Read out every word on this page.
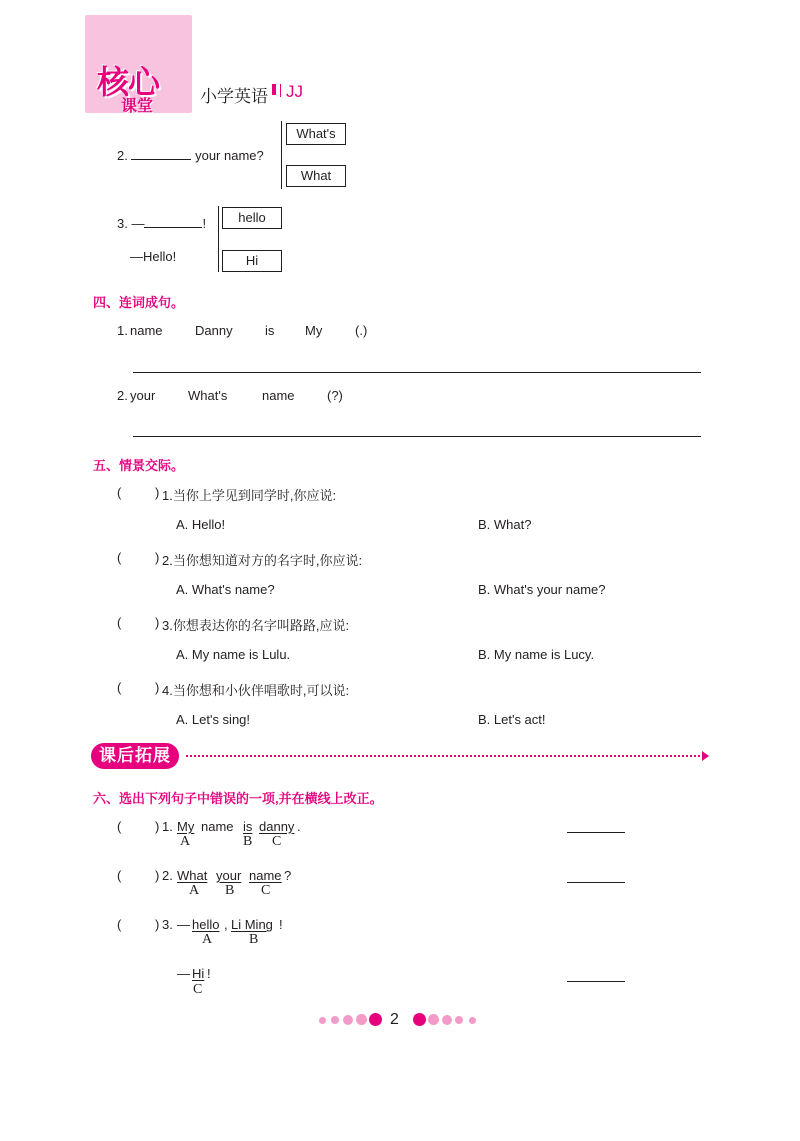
核心
课堂
小学英语 JJ
2.	your name?
What's
What
3. —	!
—Hello!
hello
Hi
四、连词成句。
1. name Danny is My	(.)
2. your	What's	name (?)
五、情景交际。
(	) 1.当你上学见到同学时,你应说:
A. Hello!	B. What?
(	) 2.当你想知道对方的名字时,你应说:
A. What's name?	B. What's your name?
(	) 3.你想表达你的名字叫路路,应说:
A. My name is Lulu.	B. My name is Lucy.
(	) 4.当你想和小伙伴唱歌时,可以说:
A. Let's sing!	B. Let's act!
课后拓展
六、选出下列句子中错误的一项,并在横线上改正。
(	) 1. My name is danny .
A	B C
(	) 2. What your name ?
A B C
(	) 3. — hello , Li Ming !
A	B
— Hi !
C
2
